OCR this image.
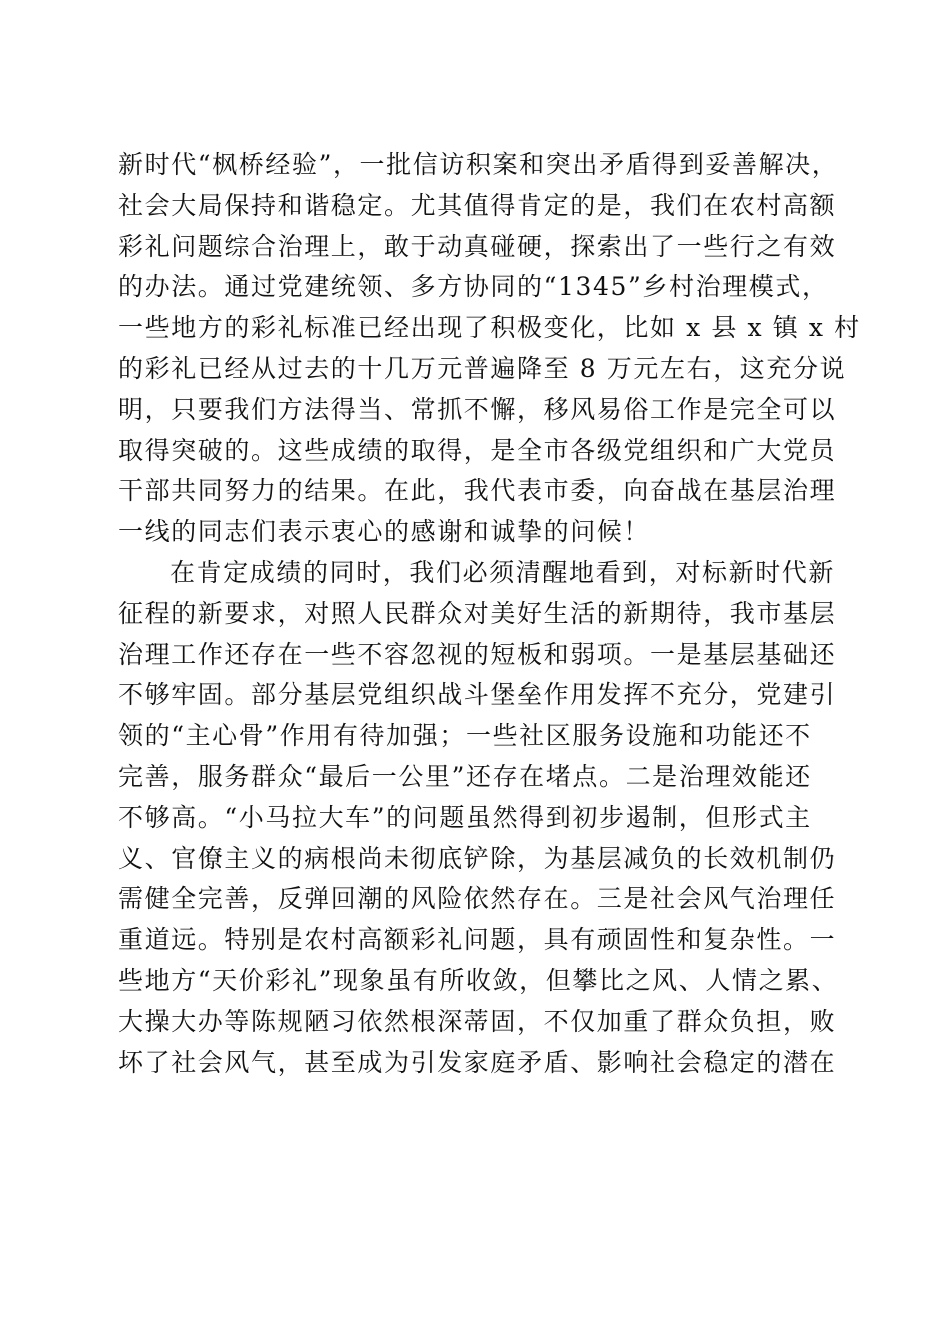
新时代“枫桥经验”，一批信访积案和突出矛盾得到妥善解决，
社会大局保持和谐稳定。尤其值得肯定的是，我们在农村高额
彩礼问题综合治理上，敢于动真碰硬，探索出了一些行之有效
的办法。通过党建统领、多方协同的“1345”乡村治理模式，
一些地方的彩礼标准已经出现了积极变化，比如 x 县 x 镇 x 村
的彩礼已经从过去的十几万元普遍降至 8 万元左右，这充分说
明，只要我们方法得当、常抓不懈，移风易俗工作是完全可以
取得突破的。这些成绩的取得，是全市各级党组织和广大党员
干部共同努力的结果。在此，我代表市委，向奋战在基层治理
一线的同志们表示衷心的感谢和诚挚的问候！
在肯定成绩的同时，我们必须清醒地看到，对标新时代新
征程的新要求，对照人民群众对美好生活的新期待，我市基层
治理工作还存在一些不容忽视的短板和弱项。一是基层基础还
不够牢固。部分基层党组织战斗堡垒作用发挥不充分，党建引
领的“主心骨”作用有待加强；一些社区服务设施和功能还不
完善，服务群众“最后一公里”还存在堵点。二是治理效能还
不够高。“小马拉大车”的问题虽然得到初步遏制，但形式主
义、官僚主义的病根尚未彻底铲除，为基层减负的长效机制仍
需健全完善，反弹回潮的风险依然存在。三是社会风气治理任
重道远。特别是农村高额彩礼问题，具有顽固性和复杂性。一
些地方“天价彩礼”现象虽有所收敛，但攀比之风、人情之累、
大操大办等陈规陋习依然根深蒂固，不仅加重了群众负担，败
坏了社会风气，甚至成为引发家庭矛盾、影响社会稳定的潜在
